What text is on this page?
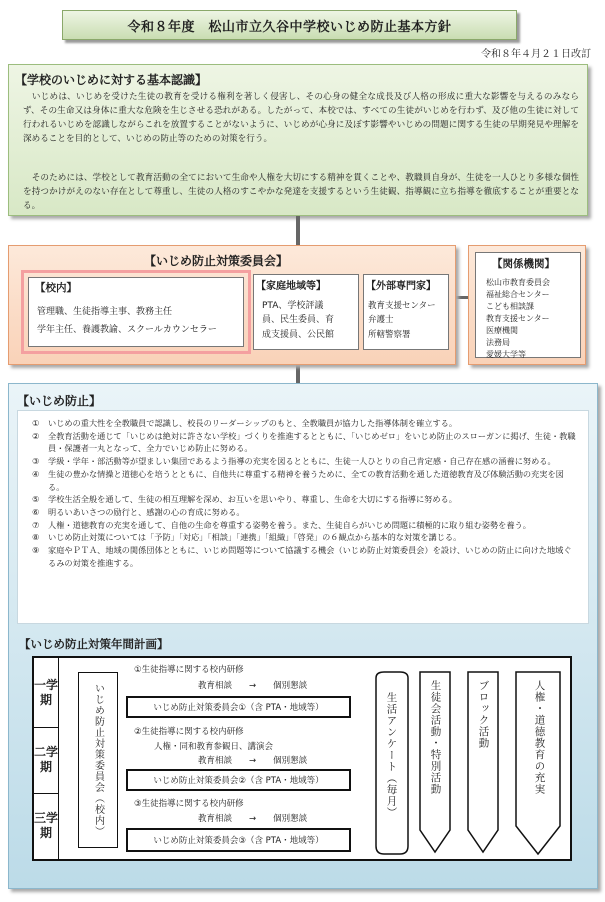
令和８年度　松山市立久谷中学校いじめ防止基本方針
令和８年４月２１日改訂
【学校のいじめに対する基本認識】
　いじめは、いじめを受けた生徒の教育を受ける権利を著しく侵害し、その心身の健全な成長及び人格の形成に重大な影響を与えるのみならず、その生命又は身体に重大な危険を生じさせる恐れがある。したがって、本校では、すべての生徒がいじめを行わず、及び他の生徒に対して行われるいじめを認識しながらこれを放置することがないように、いじめが心身に及ぼす影響やいじめの問題に関する生徒の早期発見や理解を深めることを目的として、いじめの防止等のための対策を行う。
　そのためには、学校として教育活動の全てにおいて生命や人権を大切にする精神を貫くことや、教職員自身が、生徒を一人ひとり多様な個性を持つかけがえのない存在として尊重し、生徒の人格のすこやかな発達を支援するという生徒観、指導観に立ち指導を徹底することが重要となる。
【いじめ防止対策委員会】
【校内】
管理職、生徒指導主事、教務主任
学年主任、養護教諭、スクールカウンセラー
【家庭地域等】
PTA、学校評議
員、民生委員、育
成支援員、公民館
【外部専門家】
教育支援センター
弁護士
所轄警察署
【関係機関】
松山市教育委員会
福祉総合センター
こども相談課
教育支援センター
医療機関
法務局
愛媛大学等
【いじめ防止】
①	いじめの重大性を全教職員で認識し、校長のリーダーシップのもと、全教職員が協力した指導体制を確立する。
②	全教育活動を通じて「いじめは絶対に許さない学校」づくりを推進するとともに、「いじめゼロ」をいじめ防止のスローガンに掲げ、生徒・教職員・保護者一丸となって、全力でいじめ防止に努める。
③	学級・学年・部活動等が望ましい集団であるよう指導の充実を図るとともに、生徒一人ひとりの自己肯定感・自己存在感の涵養に努める。
④	生徒の豊かな情操と道徳心を培うとともに、自他共に尊重する精神を養うために、全ての教育活動を通した道徳教育及び体験活動の充実を図る。
⑤	学校生活全般を通して、生徒の相互理解を深め、お互いを思いやり、尊重し、生命を大切にする指導に努める。
⑥	明るいあいさつの励行と、感謝の心の育成に努める。
⑦	人権・道徳教育の充実を通して、自他の生命を尊重する姿勢を養う。また、生徒自らがいじめ問題に積極的に取り組む姿勢を養う。
⑧	いじめ防止対策については「予防」「対応」「相談」「連携」「組織」「啓発」の６観点から基本的な対策を講じる。
⑨	家庭やＰＴＡ、地域の関係団体とともに、いじめ問題等について協議する機会（いじめ防止対策委員会）を設け、いじめの防止に向けた地域ぐるみの対策を推進する。
【いじめ防止対策年間計画】
一学期
二学期
三学期	いじめ防止対策委員会（校内）
①生徒指導に関する校内研修
教育相談　　→　　個別懇談
いじめ防止対策委員会①（含 PTA・地域等）
②生徒指導に関する校内研修
人権・同和教育参観日、講演会
教育相談　　→　　個別懇談
いじめ防止対策委員会②（含 PTA・地域等）
③生徒指導に関する校内研修
教育相談　　→　　個別懇談
いじめ防止対策委員会③（含 PTA・地域等）
生活アンケート（毎月）	生徒会活動・特別活動	ブロック活動	人権・道徳教育の充実
